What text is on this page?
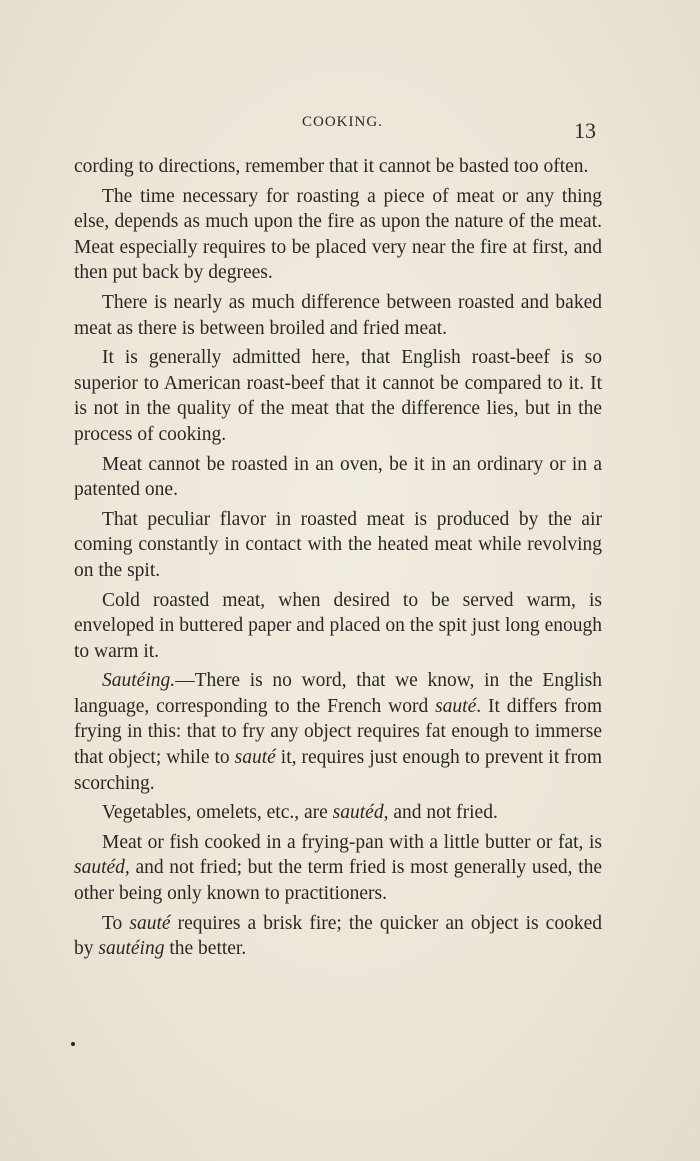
COOKING.	13

cording to directions, remember that it cannot be basted too often.

The time necessary for roasting a piece of meat or any thing else, depends as much upon the fire as upon the nature of the meat. Meat especially requires to be placed very near the fire at first, and then put back by degrees.

There is nearly as much difference between roasted and baked meat as there is between broiled and fried meat.

It is generally admitted here, that English roast-beef is so superior to American roast-beef that it cannot be compared to it. It is not in the quality of the meat that the difference lies, but in the process of cooking.

Meat cannot be roasted in an oven, be it in an ordinary or in a patented one.

That peculiar flavor in roasted meat is produced by the air coming constantly in contact with the heated meat while revolving on the spit.

Cold roasted meat, when desired to be served warm, is enveloped in buttered paper and placed on the spit just long enough to warm it.

Sautéing.—There is no word, that we know, in the English language, corresponding to the French word sauté. It differs from frying in this: that to fry any object requires fat enough to immerse that object; while to sauté it, requires just enough to prevent it from scorching.

Vegetables, omelets, etc., are sautéd, and not fried.

Meat or fish cooked in a frying-pan with a little butter or fat, is sautéd, and not fried; but the term fried is most generally used, the other being only known to practitioners.

To sauté requires a brisk fire; the quicker an object is cooked by sautéing the better.
